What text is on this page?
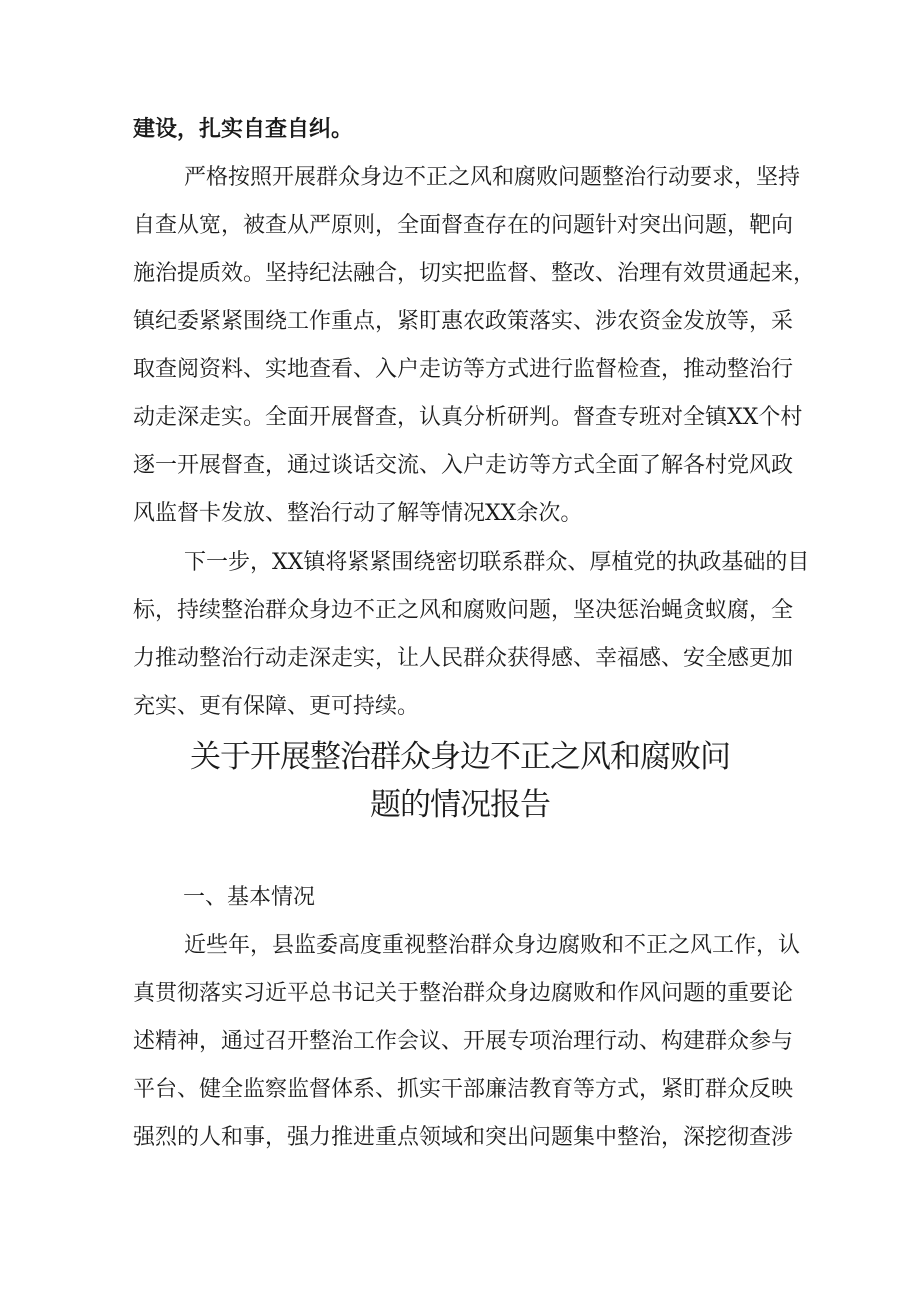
建设，扎实自查自纠。
严格按照开展群众身边不正之风和腐败问题整治行动要求，坚持
自查从宽，被查从严原则，全面督查存在的问题针对突出问题，靶向
施治提质效。坚持纪法融合，切实把监督、整改、治理有效贯通起来，
镇纪委紧紧围绕工作重点，紧盯惠农政策落实、涉农资金发放等，采
取查阅资料、实地查看、入户走访等方式进行监督检查，推动整治行
动走深走实。全面开展督查，认真分析研判。督查专班对全镇XX个村
逐一开展督查，通过谈话交流、入户走访等方式全面了解各村党风政
风监督卡发放、整治行动了解等情况XX余次。
下一步，XX镇将紧紧围绕密切联系群众、厚植党的执政基础的目
标，持续整治群众身边不正之风和腐败问题，坚决惩治蝇贪蚁腐，全
力推动整治行动走深走实，让人民群众获得感、幸福感、安全感更加
充实、更有保障、更可持续。
关于开展整治群众身边不正之风和腐败问
题的情况报告
一、基本情况
近些年，县监委高度重视整治群众身边腐败和不正之风工作，认
真贯彻落实习近平总书记关于整治群众身边腐败和作风问题的重要论
述精神，通过召开整治工作会议、开展专项治理行动、构建群众参与
平台、健全监察监督体系、抓实干部廉洁教育等方式，紧盯群众反映
强烈的人和事，强力推进重点领域和突出问题集中整治，深挖彻查涉
